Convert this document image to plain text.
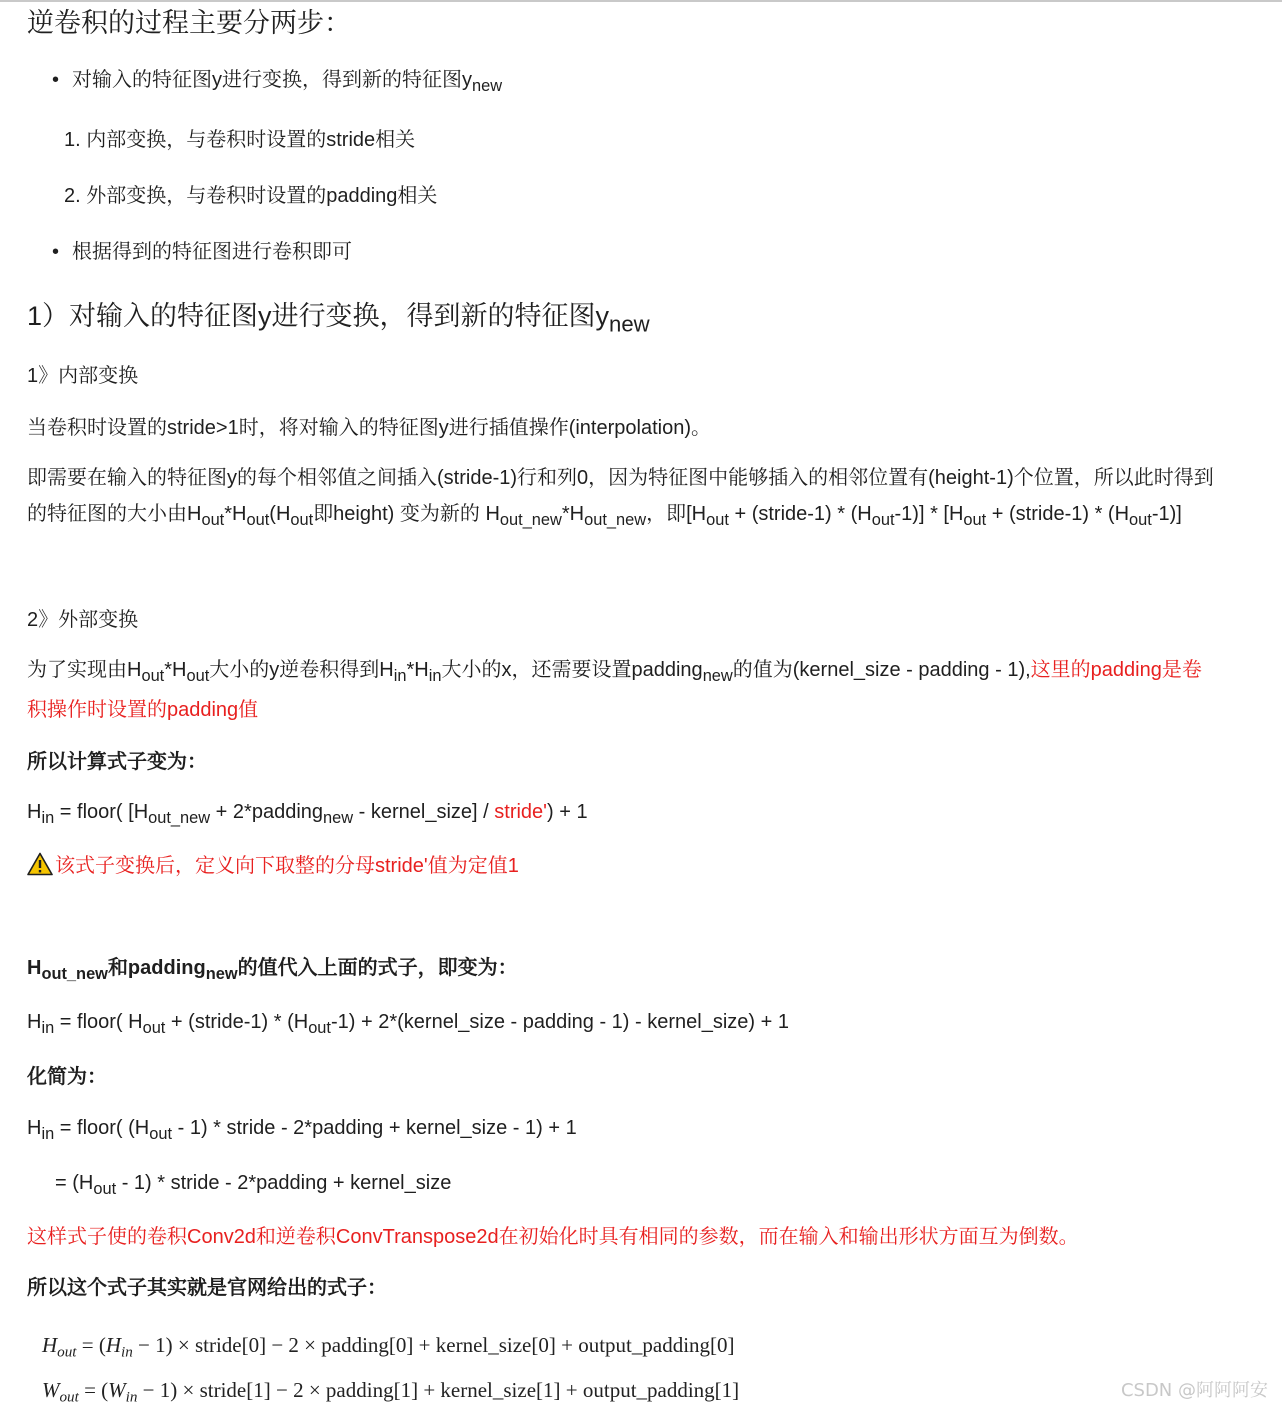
逆卷积的过程主要分两步：
• 对输入的特征图y进行变换，得到新的特征图$y_{new}$
1. 内部变换，与卷积时设置的stride相关
2. 外部变换，与卷积时设置的padding相关
• 根据得到的特征图进行卷积即可
1）对输入的特征图y进行变换，得到新的特征图$y_{new}$
1》内部变换
当卷积时设置的stride>1时，将对输入的特征图y进行插值操作(interpolation)。
即需要在输入的特征图y的每个相邻值之间插入(stride-1)行和列0，因为特征图中能够插入的相邻位置有(height-1)个位置，所以此时得到
的特征图的大小由$H_{out}*H_{out}(H_{out}$即height) 变为新的 $H_{out\_new}*H_{out\_new}$，即[$H_{out}$ + (stride-1) * $(H_{out}-1)] * [H_{out}$ + (stride-1) * $(H_{out}-1)$]
2》外部变换
为了实现由$H_{out}*H_{out}$大小的y逆卷积得到$H_{in}*H_{in}$大小的x，还需要设置padding$_{new}$的值为(kernel_size - padding - 1),这里的padding是卷
积操作时设置的padding值
所以计算式子变为：
$H_{in}$ = floor( [$H_{out\_new}$ + 2*padding$_{new}$ - kernel_size] / stride') + 1
该式子变换后，定义向下取整的分母stride'值为定值1
$H_{out\_new}$和padding$_{new}$的值代入上面的式子，即变为：
$H_{in}$ = floor( $H_{out}$ + (stride-1) * $(H_{out}-1)$ + 2*(kernel_size - padding - 1) - kernel_size) + 1
化简为：
$H_{in}$ = floor( $(H_{out} - 1)$ * stride - 2*padding + kernel_size - 1) + 1
= $(H_{out} - 1)$ * stride - 2*padding + kernel_size
这样式子使的卷积Conv2d和逆卷积ConvTranspose2d在初始化时具有相同的参数，而在输入和输出形状方面互为倒数。
所以这个式子其实就是官网给出的式子：
$H_{out} = (H_{in} - 1)$ × stride[0] − 2 × padding[0] + kernel_size[0] + output_padding[0]
$W_{out} = (W_{in} - 1)$ × stride[1] − 2 × padding[1] + kernel_size[1] + output_padding[1]	CSDN @阿阿阿安
